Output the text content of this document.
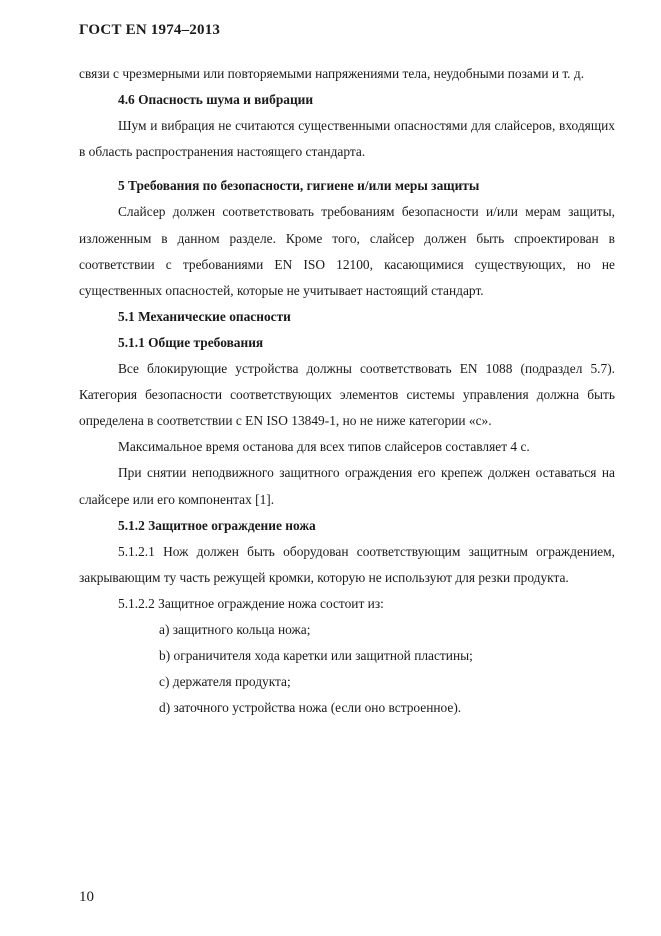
ГОСТ EN 1974–2013

связи с чрезмерными или повторяемыми напряжениями тела, неудобными позами и т. д.

4.6 Опасность шума и вибрации

Шум и вибрация не считаются существенными опасностями для слайсеров, входящих в область распространения настоящего стандарта.

5 Требования по безопасности, гигиене и/или меры защиты

Слайсер должен соответствовать требованиям безопасности и/или мерам защиты, изложенным в данном разделе. Кроме того, слайсер должен быть спроектирован в соответствии с требованиями EN ISO 12100, касающимися существующих, но не существенных опасностей, которые не учитывает настоящий стандарт.

5.1 Механические опасности

5.1.1 Общие требования

Все блокирующие устройства должны соответствовать EN 1088 (подраздел 5.7). Категория безопасности соответствующих элементов системы управления должна быть определена в соответствии с EN ISO 13849-1, но не ниже категории «с».

Максимальное время останова для всех типов слайсеров составляет 4 с.

При снятии неподвижного защитного ограждения его крепеж должен оставаться на слайсере или его компонентах [1].

5.1.2 Защитное ограждение ножа

5.1.2.1 Нож должен быть оборудован соответствующим защитным ограждением, закрывающим ту часть режущей кромки, которую не используют для резки продукта.

5.1.2.2 Защитное ограждение ножа состоит из:

a) защитного кольца ножа;

b) ограничителя хода каретки или защитной пластины;

c) держателя продукта;

d) заточного устройства ножа (если оно встроенное).

10
